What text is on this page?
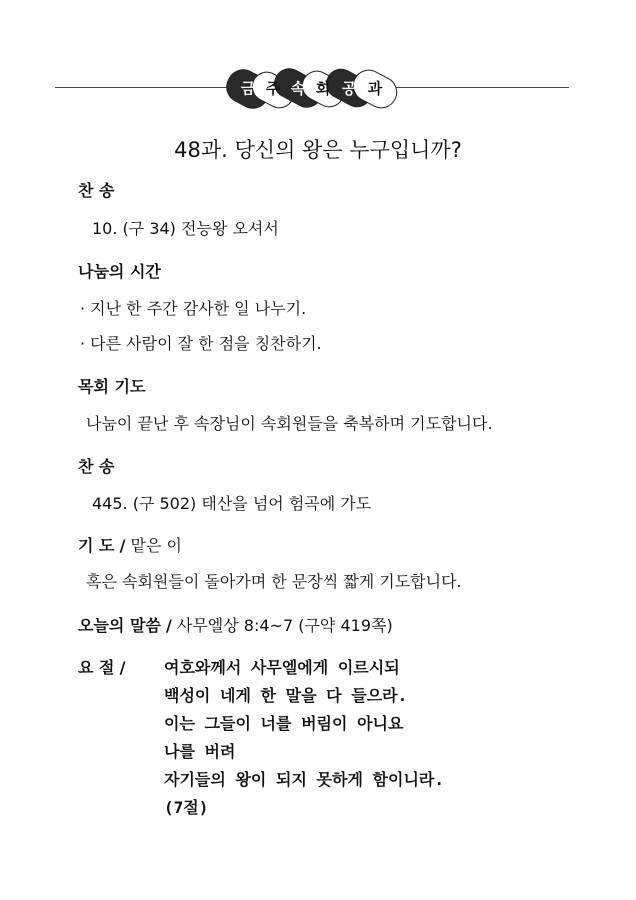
금 주 속 회 공 과
48과. 당신의 왕은 누구입니까?
찬 송
10. (구 34) 전능왕 오셔서
나눔의 시간
· 지난 한 주간 감사한 일 나누기.
· 다른 사람이 잘 한 점을 칭찬하기.
목회 기도
나눔이 끝난 후 속장님이 속회원들을 축복하며 기도합니다.
찬 송
445. (구 502) 태산을 넘어 험곡에 가도
기 도 / 맡은 이
혹은 속회원들이 돌아가며 한 문장씩 짧게 기도합니다.
오늘의 말씀 / 사무엘상 8:4~7 (구약 419쪽)
요 절 / 여호와께서 사무엘에게 이르시되
백성이 네게 한 말을 다 들으라.
이는 그들이 너를 버림이 아니요
나를 버려
자기들의 왕이 되지 못하게 함이니라.
(7절)
